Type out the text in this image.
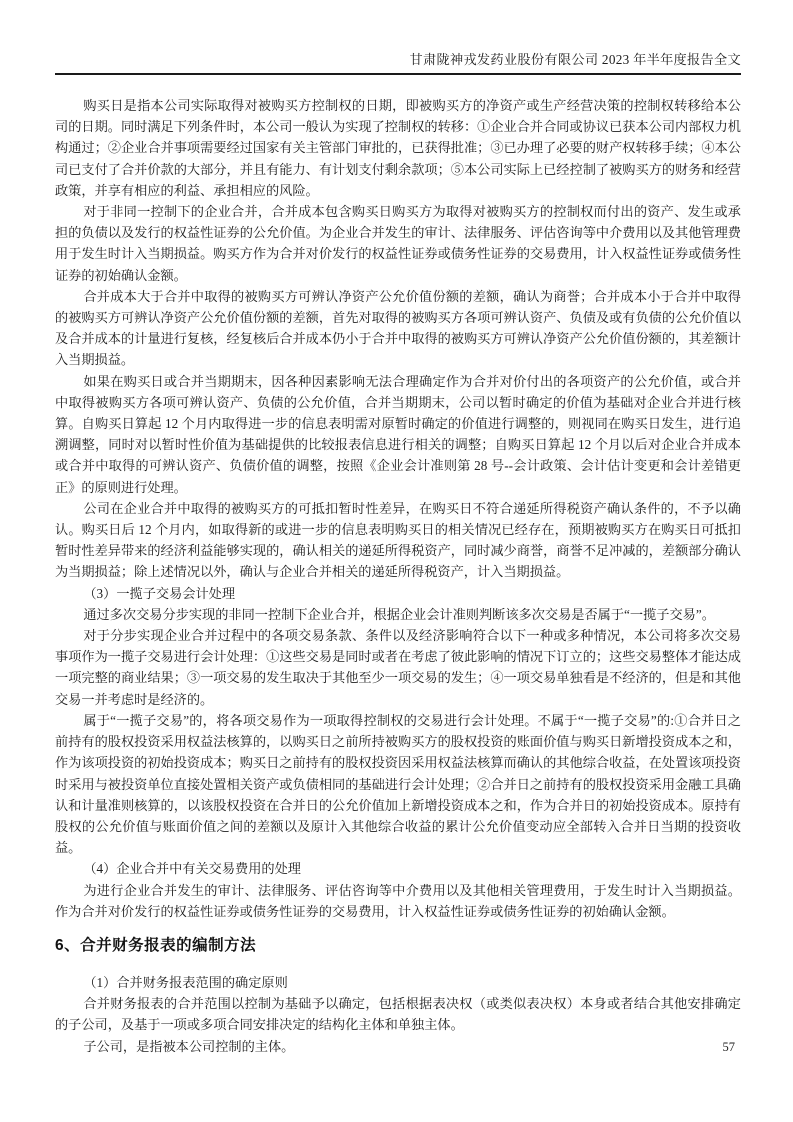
甘肃陇神戎发药业股份有限公司 2023 年半年度报告全文

购买日是指本公司实际取得对被购买方控制权的日期，即被购买方的净资产或生产经营决策的控制权转移给本公司的日期。同时满足下列条件时，本公司一般认为实现了控制权的转移：①企业合并合同或协议已获本公司内部权力机构通过；②企业合并事项需要经过国家有关主管部门审批的，已获得批准；③已办理了必要的财产权转移手续；④本公司已支付了合并价款的大部分，并且有能力、有计划支付剩余款项；⑤本公司实际上已经控制了被购买方的财务和经营政策，并享有相应的利益、承担相应的风险。

对于非同一控制下的企业合并，合并成本包含购买日购买方为取得对被购买方的控制权而付出的资产、发生或承担的负债以及发行的权益性证券的公允价值。为企业合并发生的审计、法律服务、评估咨询等中介费用以及其他管理费用于发生时计入当期损益。购买方作为合并对价发行的权益性证券或债务性证券的交易费用，计入权益性证券或债务性证券的初始确认金额。

合并成本大于合并中取得的被购买方可辨认净资产公允价值份额的差额，确认为商誉；合并成本小于合并中取得的被购买方可辨认净资产公允价值份额的差额，首先对取得的被购买方各项可辨认资产、负债及或有负债的公允价值以及合并成本的计量进行复核，经复核后合并成本仍小于合并中取得的被购买方可辨认净资产公允价值份额的，其差额计入当期损益。

如果在购买日或合并当期期末，因各种因素影响无法合理确定作为合并对价付出的各项资产的公允价值，或合并中取得被购买方各项可辨认资产、负债的公允价值，合并当期期末，公司以暂时确定的价值为基础对企业合并进行核算。自购买日算起 12 个月内取得进一步的信息表明需对原暂时确定的价值进行调整的，则视同在购买日发生，进行追溯调整，同时对以暂时性价值为基础提供的比较报表信息进行相关的调整；自购买日算起 12 个月以后对企业合并成本或合并中取得的可辨认资产、负债价值的调整，按照《企业会计准则第 28 号--会计政策、会计估计变更和会计差错更正》的原则进行处理。

公司在企业合并中取得的被购买方的可抵扣暂时性差异，在购买日不符合递延所得税资产确认条件的，不予以确认。购买日后 12 个月内，如取得新的或进一步的信息表明购买日的相关情况已经存在，预期被购买方在购买日可抵扣暂时性差异带来的经济利益能够实现的，确认相关的递延所得税资产，同时减少商誉，商誉不足冲减的，差额部分确认为当期损益；除上述情况以外，确认与企业合并相关的递延所得税资产，计入当期损益。

（3）一揽子交易会计处理

通过多次交易分步实现的非同一控制下企业合并，根据企业会计准则判断该多次交易是否属于“一揽子交易”。

对于分步实现企业合并过程中的各项交易条款、条件以及经济影响符合以下一种或多种情况，本公司将多次交易事项作为一揽子交易进行会计处理：①这些交易是同时或者在考虑了彼此影响的情况下订立的；这些交易整体才能达成一项完整的商业结果；③一项交易的发生取决于其他至少一项交易的发生；④一项交易单独看是不经济的，但是和其他交易一并考虑时是经济的。

属于“一揽子交易”的，将各项交易作为一项取得控制权的交易进行会计处理。不属于“一揽子交易”的:①合并日之前持有的股权投资采用权益法核算的，以购买日之前所持被购买方的股权投资的账面价值与购买日新增投资成本之和，作为该项投资的初始投资成本；购买日之前持有的股权投资因采用权益法核算而确认的其他综合收益，在处置该项投资时采用与被投资单位直接处置相关资产或负债相同的基础进行会计处理；②合并日之前持有的股权投资采用金融工具确认和计量准则核算的，以该股权投资在合并日的公允价值加上新增投资成本之和，作为合并日的初始投资成本。原持有股权的公允价值与账面价值之间的差额以及原计入其他综合收益的累计公允价值变动应全部转入合并日当期的投资收益。

（4）企业合并中有关交易费用的处理

为进行企业合并发生的审计、法律服务、评估咨询等中介费用以及其他相关管理费用，于发生时计入当期损益。作为合并对价发行的权益性证券或债务性证券的交易费用，计入权益性证券或债务性证券的初始确认金额。

6、合并财务报表的编制方法

（1）合并财务报表范围的确定原则

合并财务报表的合并范围以控制为基础予以确定，包括根据表决权（或类似表决权）本身或者结合其他安排确定的子公司，及基于一项或多项合同安排决定的结构化主体和单独主体。

子公司，是指被本公司控制的主体。	57
